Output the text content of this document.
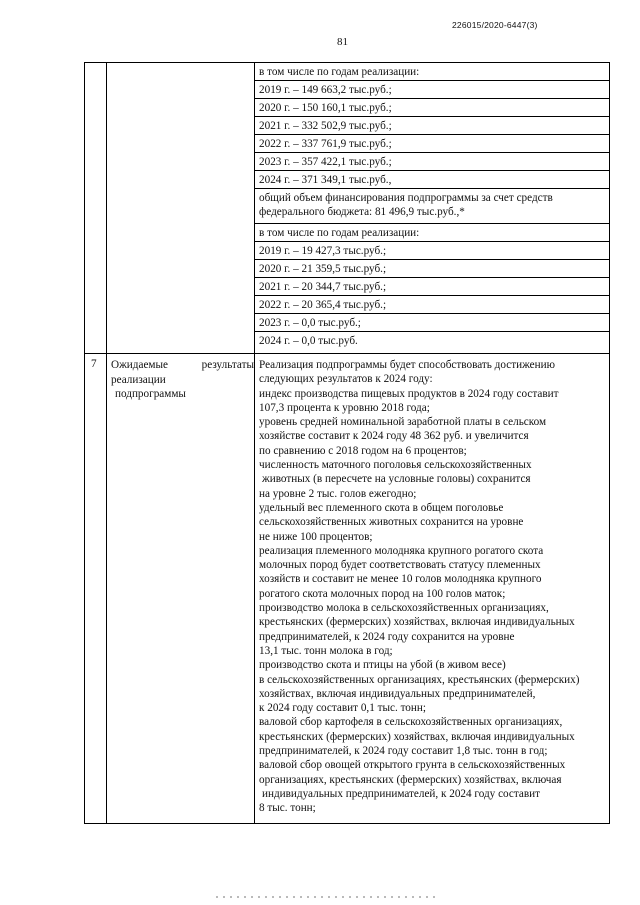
226015/2020-6447(3)
81
в том числе по годам реализации:
2019 г. – 149 663,2 тыс.руб.;
2020 г. – 150 160,1 тыс.руб.;
2021 г. – 332 502,9 тыс.руб.;
2022 г. – 337 761,9 тыс.руб.;
2023 г. – 357 422,1 тыс.руб.;
2024 г. – 371 349,1 тыс.руб.,
общий объем финансирования подпрограммы за счет средств федерального бюджета: 81 496,9 тыс.руб.,*
в том числе по годам реализации:
2019 г. – 19 427,3 тыс.руб.;
2020 г. – 21 359,5 тыс.руб.;
2021 г. – 20 344,7 тыс.руб.;
2022 г. – 20 365,4 тыс.руб.;
2023 г. – 0,0 тыс.руб.;
2024 г. – 0,0 тыс.руб.
7 Ожидаемые	результаты
реализации
подпрограммы
Реализация подпрограммы будет способствовать достижению
следующих результатов к 2024 году:
индекс производства пищевых продуктов в 2024 году составит
107,3 процента к уровню 2018 года;
уровень средней номинальной заработной платы в сельском
хозяйстве составит к 2024 году 48 362 руб. и увеличится
по сравнению с 2018 годом на 6 процентов;
численность маточного поголовья сельскохозяйственных
животных (в пересчете на условные головы) сохранится
на уровне 2 тыс. голов ежегодно;
удельный вес племенного скота в общем поголовье
сельскохозяйственных животных сохранится на уровне
не ниже 100 процентов;
реализация племенного молодняка крупного рогатого скота
молочных пород будет соответствовать статусу племенных
хозяйств и составит не менее 10 голов молодняка крупного
рогатого скота молочных пород на 100 голов маток;
производство молока в сельскохозяйственных организациях,
крестьянских (фермерских) хозяйствах, включая индивидуальных
предпринимателей, к 2024 году сохранится на уровне
13,1 тыс. тонн молока в год;
производство скота и птицы на убой (в живом весе)
в сельскохозяйственных организациях, крестьянских (фермерских)
хозяйствах, включая индивидуальных предпринимателей,
к 2024 году составит 0,1 тыс. тонн;
валовой сбор картофеля в сельскохозяйственных организациях,
крестьянских (фермерских) хозяйствах, включая индивидуальных
предпринимателей, к 2024 году составит 1,8 тыс. тонн в год;
валовой сбор овощей открытого грунта в сельскохозяйственных
организациях, крестьянских (фермерских) хозяйствах, включая
индивидуальных предпринимателей, к 2024 году составит
8 тыс. тонн;
